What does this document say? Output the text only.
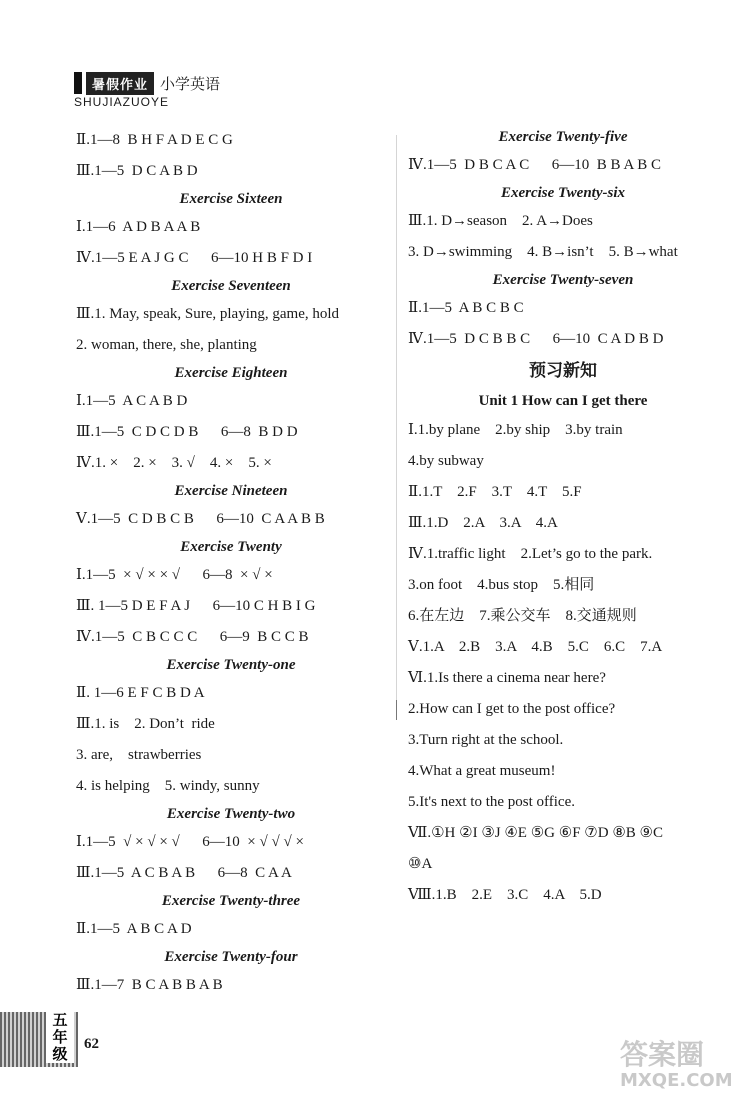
暑假作业 小学英语
SHUJIAZUOYE
Ⅱ.1—8  B H F A D E C G
Ⅲ.1—5  D C A B D
Exercise Sixteen
Ⅰ.1—6  A D B A A B
Ⅳ.1—5 E A J G C      6—10 H B F D I
Exercise Seventeen
Ⅲ.1. May, speak, Sure, playing, game, hold
2. woman, there, she, planting
Exercise Eighteen
Ⅰ.1—5  A C A B D
Ⅲ.1—5  C D C D B      6—8  B D D
Ⅳ.1. ×    2. ×    3. √    4. ×    5. ×
Exercise Nineteen
Ⅴ.1—5  C D B C B      6—10  C A A B B
Exercise Twenty
Ⅰ.1—5  × √ × × √      6—8  × √ ×
Ⅲ. 1—5 D E F A J      6—10 C H B I G
Ⅳ.1—5  C B C C C      6—9  B C C B
Exercise Twenty-one
Ⅱ. 1—6 E F C B D A
Ⅲ.1. is    2. Don’t  ride
3. are,    strawberries
4. is helping    5. windy, sunny
Exercise Twenty-two
Ⅰ.1—5  √ × √ × √      6—10  × √ √ √ ×
Ⅲ.1—5  A C B A B      6—8  C A A
Exercise Twenty-three
Ⅱ.1—5  A B C A D
Exercise Twenty-four
Ⅲ.1—7  B C A B B A B
Exercise Twenty-five
Ⅳ.1—5  D B C A C      6—10  B B A B C
Exercise Twenty-six
Ⅲ.1. D→season    2. A→Does
3. D→swimming    4. B→isn’t    5. B→what
Exercise Twenty-seven
Ⅱ.1—5  A B C B C
Ⅳ.1—5  D C B B C      6—10  C A D B D
预习新知
Unit 1 How can I get there
Ⅰ.1.by plane    2.by ship    3.by train
4.by subway
Ⅱ.1.T    2.F    3.T    4.T    5.F
Ⅲ.1.D    2.A    3.A    4.A
Ⅳ.1.traffic light    2.Let’s go to the park.
3.on foot    4.bus stop    5.相同
6.在左边    7.乘公交车    8.交通规则
Ⅴ.1.A    2.B    3.A    4.B    5.C    6.C    7.A
Ⅵ.1.Is there a cinema near here?
2.How can I get to the post office?
3.Turn right at the school.
4.What a great museum!
5.It's next to the post office.
Ⅶ.①H ②I ③J ④E ⑤G ⑥F ⑦D ⑧B ⑨C
⑩A
Ⅷ.1.B    2.E    3.C    4.A    5.D
五年级
62	答案圈
MXQE.COM
